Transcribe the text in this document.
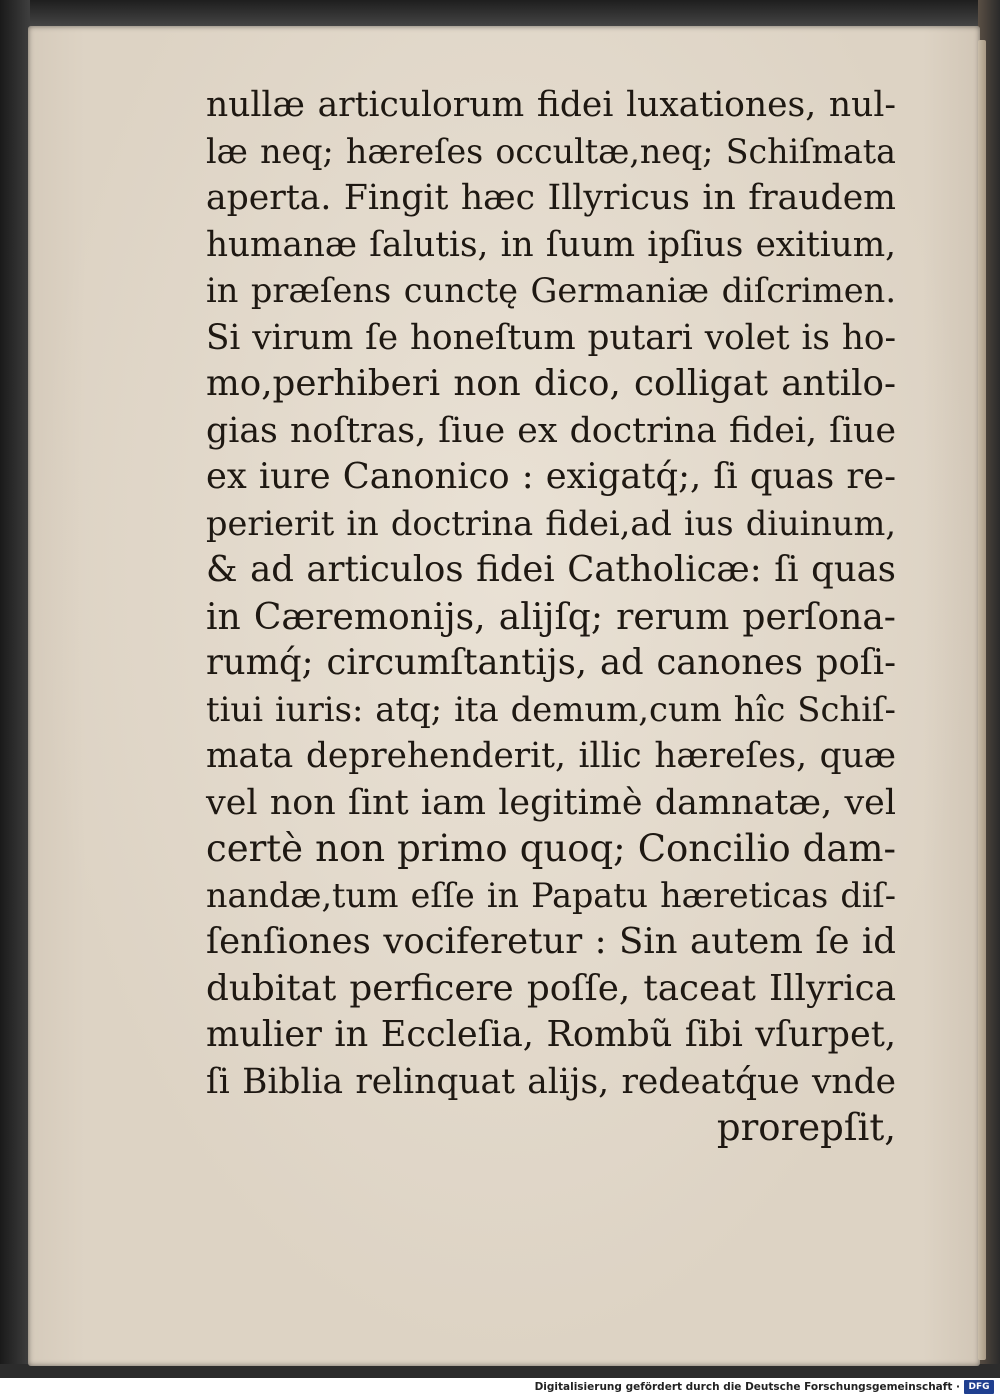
nullæ articulorum fidei luxationes, nul-
læ neq; hæreſes occultæ,neq; Schiſmata
aperta. Fingit hæc Illyricus in fraudem
humanæ ſalutis, in ſuum ipſius exitium,
in præſens cunctę Germaniæ diſcrimen.
Si virum ſe honeſtum putari volet is ho-
mo,perhiberi non dico, colligat antilo-
gias noſtras, ſiue ex doctrina fidei, ſiue
ex iure Canonico : exigatq́;, ſi quas re-
perierit in doctrina fidei,ad ius diuinum,
& ad articulos fidei Catholicæ: ſi quas
in Cæremonijs, alijſq; rerum perſona-
rumq́; circumſtantijs, ad canones poſi-
tiui iuris: atq; ita demum,cum hîc Schiſ-
mata deprehenderit, illic hæreſes, quæ
vel non ſint iam legitimè damnatæ, vel
certè non primo quoq; Concilio dam-
nandæ,tum eſſe in Papatu hæreticas diſ-
ſenſiones vociferetur : Sin autem ſe id
dubitat perficere poſſe, taceat Illyrica
mulier in Eccleſia, Rombũ ſibi vſurpet,
ſi Biblia relinquat alijs, redeatq́ue vnde
prorepſit,
Digitalisierung gefördert durch die Deutsche Forschungsgemeinschaft · DFG
